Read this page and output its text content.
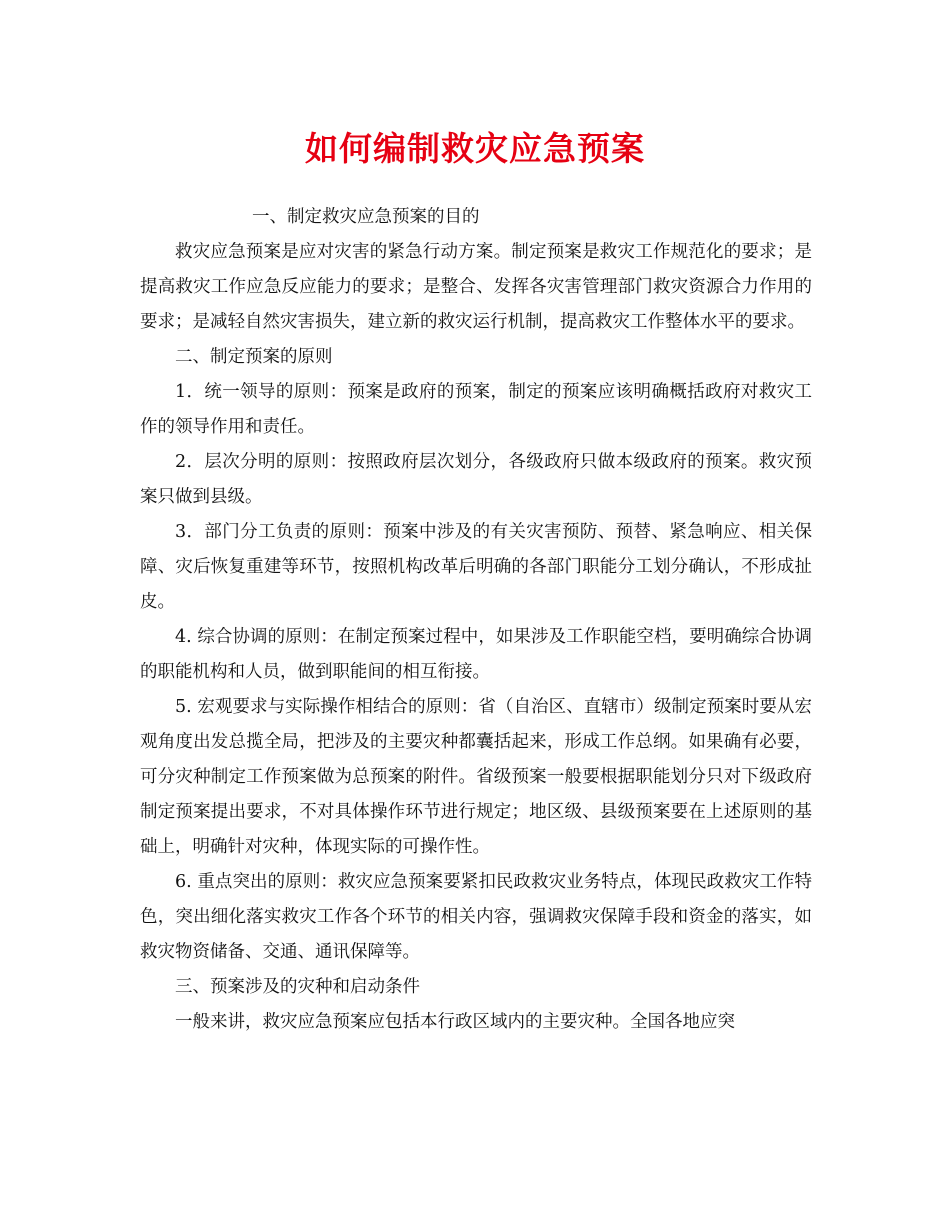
如何编制救灾应急预案

一、制定救灾应急预案的目的

救灾应急预案是应对灾害的紧急行动方案。制定预案是救灾工作规范化的要求；是提高救灾工作应急反应能力的要求；是整合、发挥各灾害管理部门救灾资源合力作用的要求；是减轻自然灾害损失，建立新的救灾运行机制，提高救灾工作整体水平的要求。

二、制定预案的原则

1．统一领导的原则：预案是政府的预案，制定的预案应该明确概括政府对救灾工作的领导作用和责任。

2．层次分明的原则：按照政府层次划分，各级政府只做本级政府的预案。救灾预案只做到县级。

3．部门分工负责的原则：预案中涉及的有关灾害预防、预替、紧急响应、相关保障、灾后恢复重建等环节，按照机构改革后明确的各部门职能分工划分确认，不形成扯皮。

4. 综合协调的原则：在制定预案过程中，如果涉及工作职能空档，要明确综合协调的职能机构和人员，做到职能间的相互衔接。

5. 宏观要求与实际操作相结合的原则：省（自治区、直辖市）级制定预案时要从宏观角度出发总揽全局，把涉及的主要灾种都囊括起来，形成工作总纲。如果确有必要，可分灾种制定工作预案做为总预案的附件。省级预案一般要根据职能划分只对下级政府制定预案提出要求，不对具体操作环节进行规定；地区级、县级预案要在上述原则的基础上，明确针对灾种，体现实际的可操作性。

6. 重点突出的原则：救灾应急预案要紧扣民政救灾业务特点，体现民政救灾工作特色，突出细化落实救灾工作各个环节的相关内容，强调救灾保障手段和资金的落实，如救灾物资储备、交通、通讯保障等。

三、预案涉及的灾种和启动条件

一般来讲，救灾应急预案应包括本行政区域内的主要灾种。全国各地应突
